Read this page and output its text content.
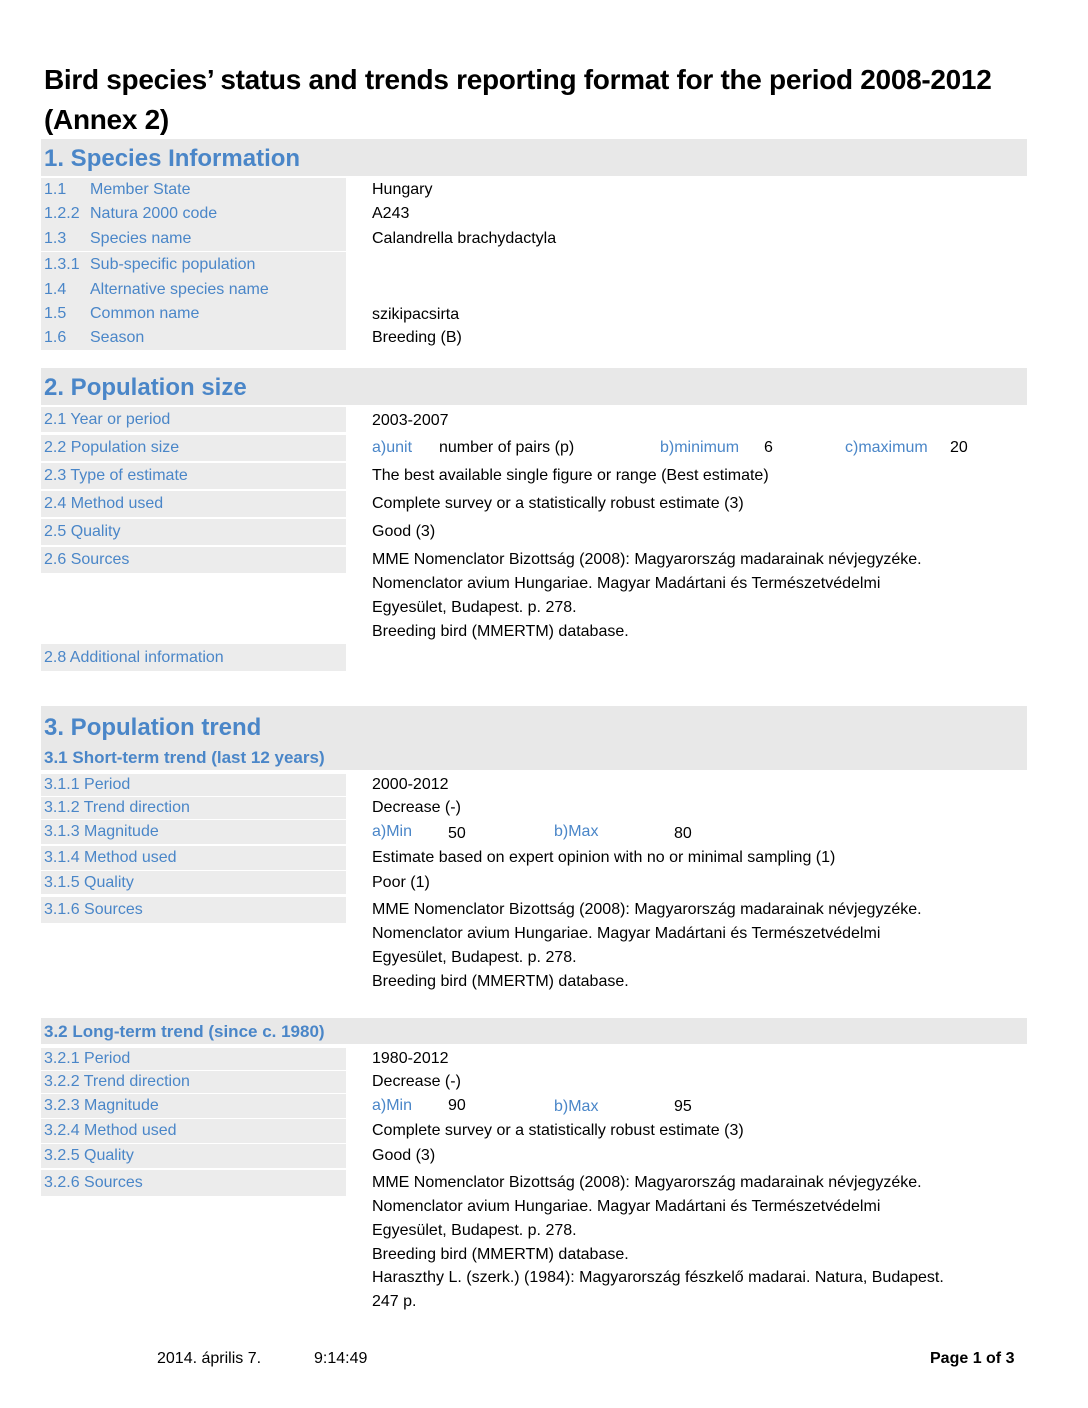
Bird species’ status and trends reporting format for the period 2008-2012
(Annex 2)
1. Species Information
1.1 Member State	Hungary
1.2.2 Natura 2000 code	A243
1.3 Species name	Calandrella brachydactyla
1.3.1 Sub-specific population
1.4 Alternative species name
1.5 Common name	szikipacsirta
1.6 Season	Breeding (B)
2. Population size
2.1 Year or period	2003-2007
2.2 Population size	a)unit number of pairs (p)	b)minimum 6	c)maximum 20
2.3 Type of estimate	The best available single figure or range (Best estimate)
2.4 Method used	Complete survey or a statistically robust estimate (3)
2.5 Quality	Good (3)
2.6 Sources	MME Nomenclator Bizottság (2008): Magyarország madarainak névjegyzéke.
Nomenclator avium Hungariae. Magyar Madártani és Természetvédelmi
Egyesület, Budapest. p. 278.
Breeding bird (MMERTM) database.
2.8 Additional information
3. Population trend
3.1 Short-term trend (last 12 years)
3.1.1 Period	2000-2012
3.1.2 Trend direction	Decrease (-)
3.1.3 Magnitude	a)Min 50	b)Max	80
3.1.4 Method used	Estimate based on expert opinion with no or minimal sampling (1)
3.1.5 Quality	Poor (1)
3.1.6 Sources	MME Nomenclator Bizottság (2008): Magyarország madarainak névjegyzéke.
Nomenclator avium Hungariae. Magyar Madártani és Természetvédelmi
Egyesület, Budapest. p. 278.
Breeding bird (MMERTM) database.
3.2 Long-term trend (since c. 1980)
3.2.1 Period	1980-2012
3.2.2 Trend direction	Decrease (-)
3.2.3 Magnitude	a)Min 90	b)Max	95
3.2.4 Method used	Complete survey or a statistically robust estimate (3)
3.2.5 Quality	Good (3)
3.2.6 Sources	MME Nomenclator Bizottság (2008): Magyarország madarainak névjegyzéke.
Nomenclator avium Hungariae. Magyar Madártani és Természetvédelmi
Egyesület, Budapest. p. 278.
Breeding bird (MMERTM) database.
Haraszthy L. (szerk.) (1984): Magyarország fészkelő madarai. Natura, Budapest.
247 p.
2014. április 7.	9:14:49	Page 1 of 3
